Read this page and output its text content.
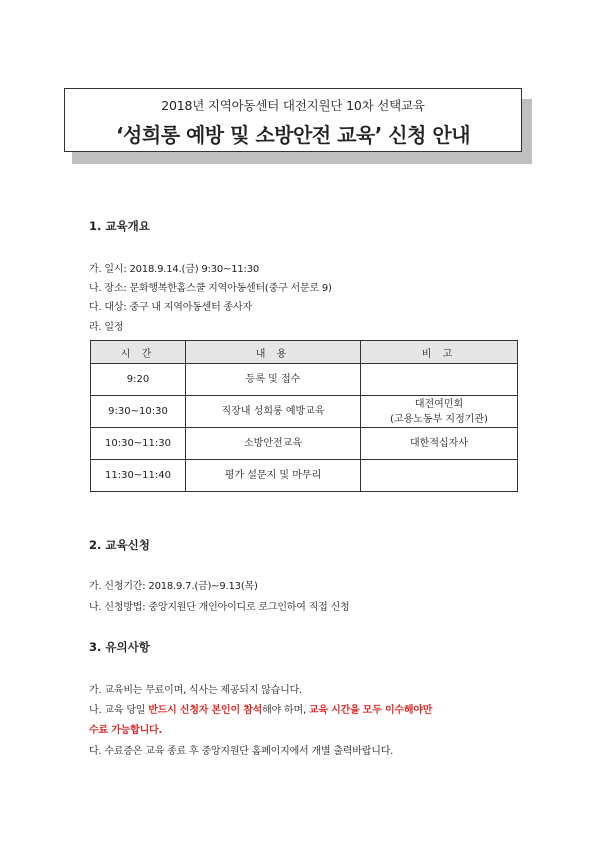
2018년 지역아동센터 대전지원단 10차 선택교육
‘성희롱 예방 및 소방안전 교육’ 신청 안내
1. 교육개요
가. 일시: 2018.9.14.(금) 9:30~11:30
나. 장소: 문화행복한홈스쿨 지역아동센터(중구 서문로 9)
다. 대상: 중구 내 지역아동센터 종사자
라. 일정
시 간	내 용	비 고
9:20	등록 및 접수	
9:30~10:30	직장내 성희롱 예방교육	대전여민회
(고용노동부 지정기관)

10:30~11:30	소방안전교육	대한적십자사
11:30~11:40	평가 설문지 및 마무리	
2. 교육신청
가. 신청기간: 2018.9.7.(금)~9.13(목)
나. 신청방법: 중앙지원단 개인아이디로 로그인하여 직접 신청
3. 유의사항
가. 교육비는 무료이며, 식사는 제공되지 않습니다.
나. 교육 당일 반드시 신청자 본인이 참석해야 하며, 교육 시간을 모두 이수해야만
수료 가능합니다.
다. 수료증은 교육 종료 후 중앙지원단 홈페이지에서 개별 출력바랍니다.
